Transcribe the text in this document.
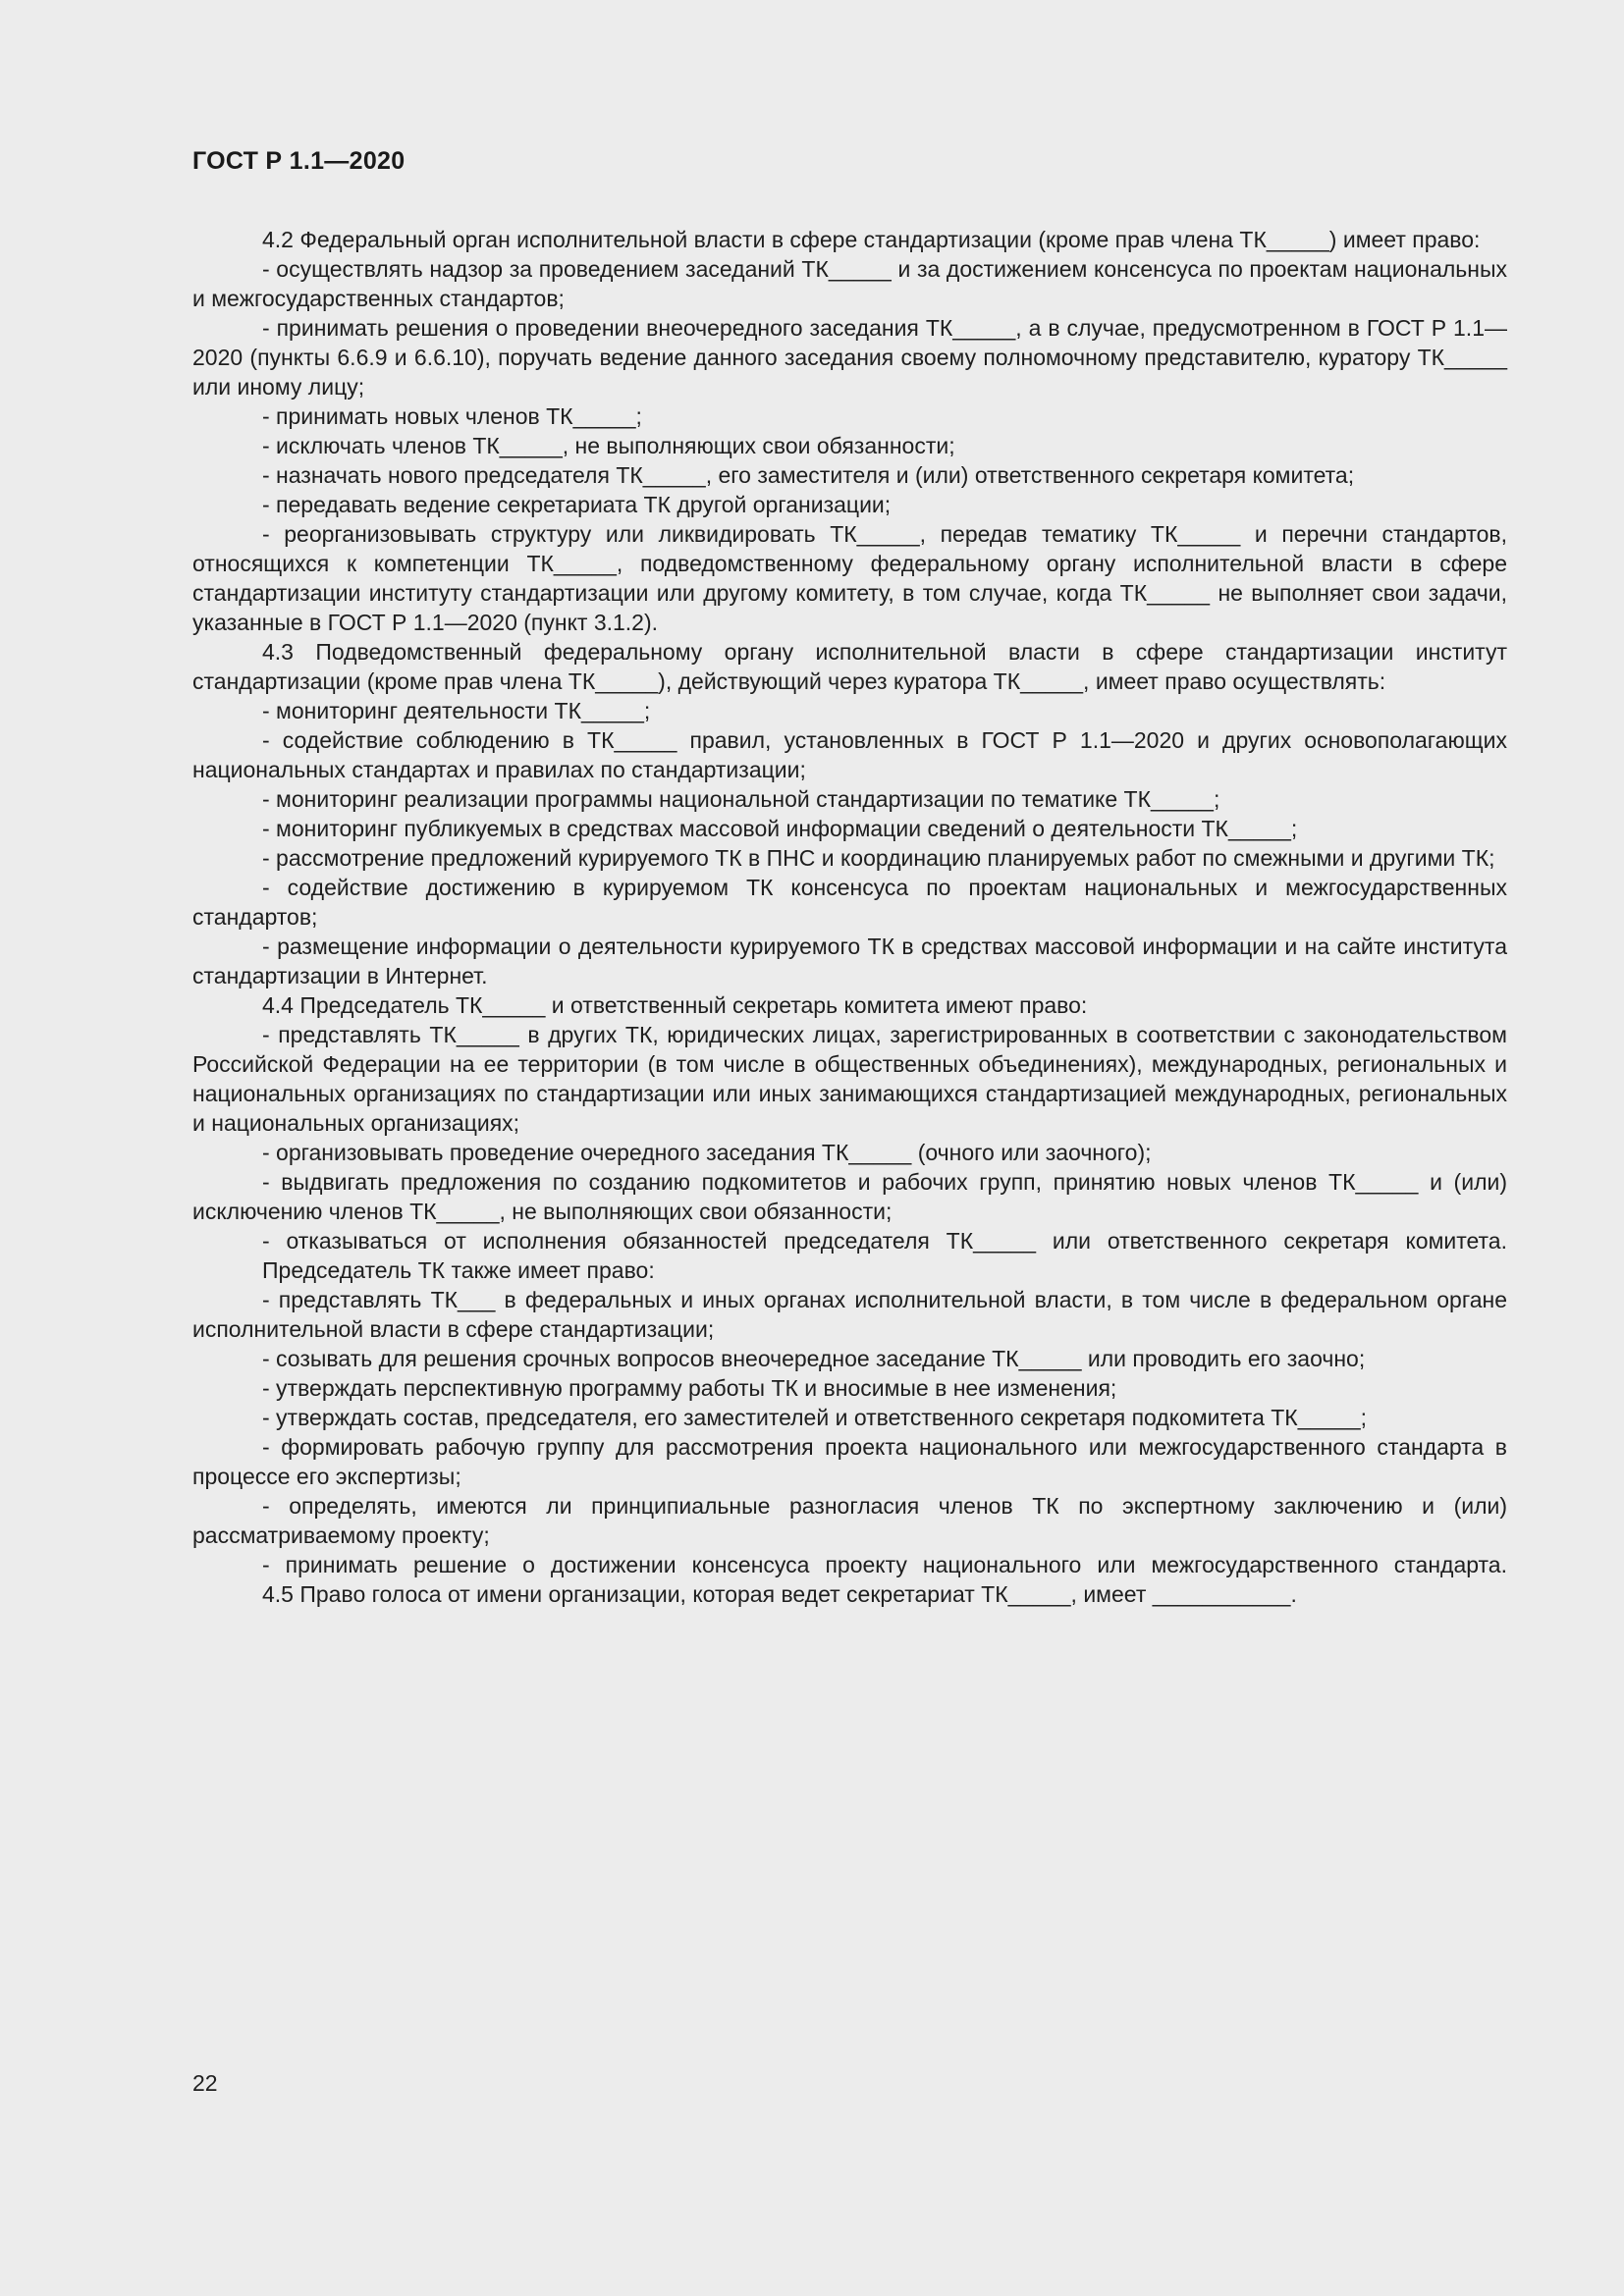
ГОСТ Р 1.1—2020

4.2 Федеральный орган исполнительной власти в сфере стандартизации (кроме прав члена ТК_____) имеет право:

- осуществлять надзор за проведением заседаний ТК_____ и за достижением консенсуса по проектам национальных и межгосударственных стандартов;

- принимать решения о проведении внеочередного заседания ТК_____, а в случае, предусмотренном в ГОСТ Р 1.1—2020 (пункты 6.6.9 и 6.6.10), поручать ведение данного заседания своему полномочному представителю, куратору ТК_____ или иному лицу;

- принимать новых членов ТК_____;

- исключать членов ТК_____, не выполняющих свои обязанности;

- назначать нового председателя ТК_____, его заместителя и (или) ответственного секретаря комитета;

- передавать ведение секретариата ТК другой организации;

- реорганизовывать структуру или ликвидировать ТК_____, передав тематику ТК_____ и перечни стандартов, относящихся к компетенции ТК_____, подведомственному федеральному органу исполнительной власти в сфере стандартизации институту стандартизации или другому комитету, в том случае, когда ТК_____ не выполняет свои задачи, указанные в ГОСТ Р 1.1—2020 (пункт 3.1.2).

4.3 Подведомственный федеральному органу исполнительной власти в сфере стандартизации институт стандартизации (кроме прав члена ТК_____), действующий через куратора ТК_____, имеет право осуществлять:

- мониторинг деятельности ТК_____;

- содействие соблюдению в ТК_____ правил, установленных в ГОСТ Р 1.1—2020 и других основополагающих национальных стандартах и правилах по стандартизации;

- мониторинг реализации программы национальной стандартизации по тематике ТК_____;

- мониторинг публикуемых в средствах массовой информации сведений о деятельности ТК_____;

- рассмотрение предложений курируемого ТК в ПНС и координацию планируемых работ по смежными и другими ТК;

- содействие достижению в курируемом ТК консенсуса по проектам национальных и межгосударственных стандартов;

- размещение информации о деятельности курируемого ТК в средствах массовой информации и на сайте института стандартизации в Интернет.

4.4 Председатель ТК_____ и ответственный секретарь комитета имеют право:

- представлять ТК_____ в других ТК, юридических лицах, зарегистрированных в соответствии с законодательством Российской Федерации на ее территории (в том числе в общественных объединениях), международных, региональных и национальных организациях по стандартизации или иных занимающихся стандартизацией международных, региональных и национальных организациях;

- организовывать проведение очередного заседания ТК_____ (очного или заочного);

- выдвигать предложения по созданию подкомитетов и рабочих групп, принятию новых членов ТК_____ и (или) исключению членов ТК_____, не выполняющих свои обязанности;

- отказываться от исполнения обязанностей председателя ТК_____ или ответственного секретаря комитета.

Председатель ТК также имеет право:

- представлять ТК___ в федеральных и иных органах исполнительной власти, в том числе в федеральном органе исполнительной власти в сфере стандартизации;

- созывать для решения срочных вопросов внеочередное заседание ТК_____ или проводить его заочно;

- утверждать перспективную программу работы ТК и вносимые в нее изменения;

- утверждать состав, председателя, его заместителей и ответственного секретаря подкомитета ТК_____;

- формировать рабочую группу для рассмотрения проекта национального или межгосударственного стандарта в процессе его экспертизы;

- определять, имеются ли принципиальные разногласия членов ТК по экспертному заключению и (или) рассматриваемому проекту;

- принимать решение о достижении консенсуса проекту национального или межгосударственного стандарта.

4.5 Право голоса от имени организации, которая ведет секретариат ТК_____, имеет ___________.

22
